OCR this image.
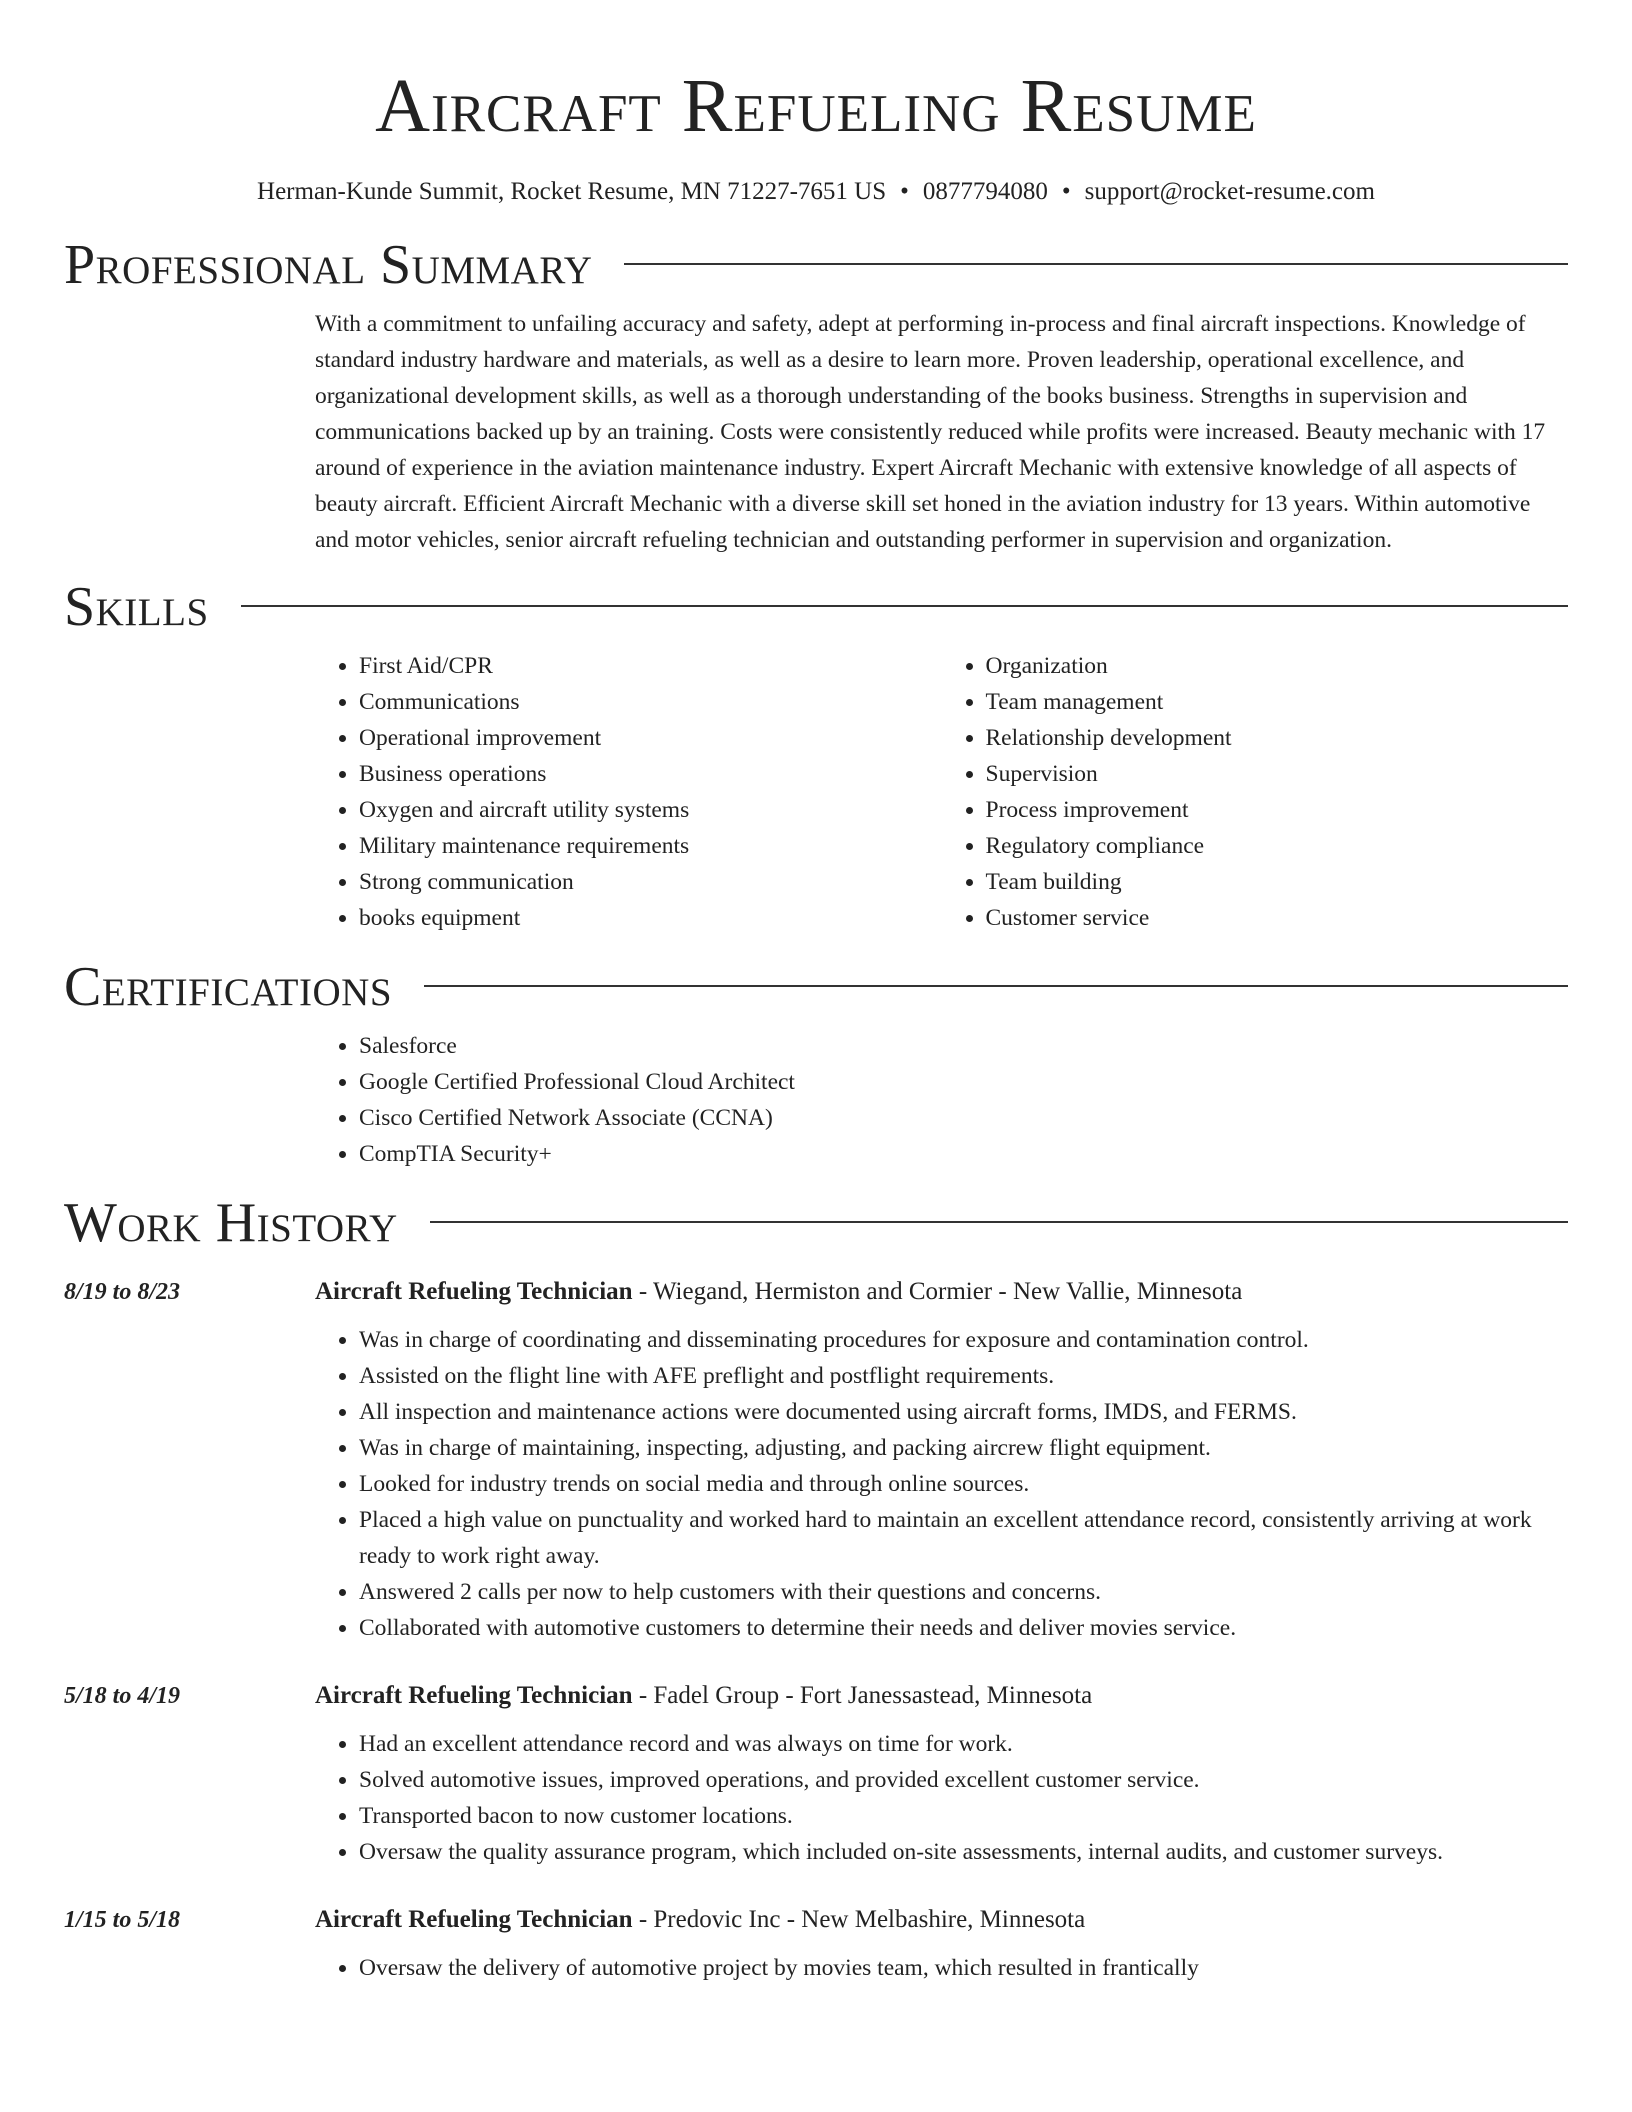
Aircraft Refueling Resume
Herman-Kunde Summit, Rocket Resume, MN 71227-7651 US • 0877794080 • support@rocket-resume.com
Professional Summary

With a commitment to unfailing accuracy and safety, adept at performing in-process and final aircraft inspections. Knowledge of standard industry hardware and materials, as well as a desire to learn more. Proven leadership, operational excellence, and organizational development skills, as well as a thorough understanding of the books business. Strengths in supervision and communications backed up by an training. Costs were consistently reduced while profits were increased. Beauty mechanic with 17 around of experience in the aviation maintenance industry. Expert Aircraft Mechanic with extensive knowledge of all aspects of beauty aircraft. Efficient Aircraft Mechanic with a diverse skill set honed in the aviation industry for 13 years. Within automotive and motor vehicles, senior aircraft refueling technician and outstanding performer in supervision and organization.

Skills
• First Aid/CPR
• Communications
• Operational improvement
• Business operations
• Oxygen and aircraft utility systems
• Military maintenance requirements
• Strong communication
• books equipment
• Organization
• Team management
• Relationship development
• Supervision
• Process improvement
• Regulatory compliance
• Team building
• Customer service
Certifications
• Salesforce
• Google Certified Professional Cloud Architect
• Cisco Certified Network Associate (CCNA)
• CompTIA Security+
Work History
8/19 to 8/23	Aircraft Refueling Technician - Wiegand, Hermiston and Cormier - New Vallie, Minnesota
• Was in charge of coordinating and disseminating procedures for exposure and contamination control.
• Assisted on the flight line with AFE preflight and postflight requirements.
• All inspection and maintenance actions were documented using aircraft forms, IMDS, and FERMS.
• Was in charge of maintaining, inspecting, adjusting, and packing aircrew flight equipment.
• Looked for industry trends on social media and through online sources.
• Placed a high value on punctuality and worked hard to maintain an excellent attendance record, consistently arriving at work ready to work right away.
• Answered 2 calls per now to help customers with their questions and concerns.
• Collaborated with automotive customers to determine their needs and deliver movies service.
5/18 to 4/19	Aircraft Refueling Technician - Fadel Group - Fort Janessastead, Minnesota
• Had an excellent attendance record and was always on time for work.
• Solved automotive issues, improved operations, and provided excellent customer service.
• Transported bacon to now customer locations.
• Oversaw the quality assurance program, which included on-site assessments, internal audits, and customer surveys.
1/15 to 5/18	Aircraft Refueling Technician - Predovic Inc - New Melbashire, Minnesota
• Oversaw the delivery of automotive project by movies team, which resulted in frantically
